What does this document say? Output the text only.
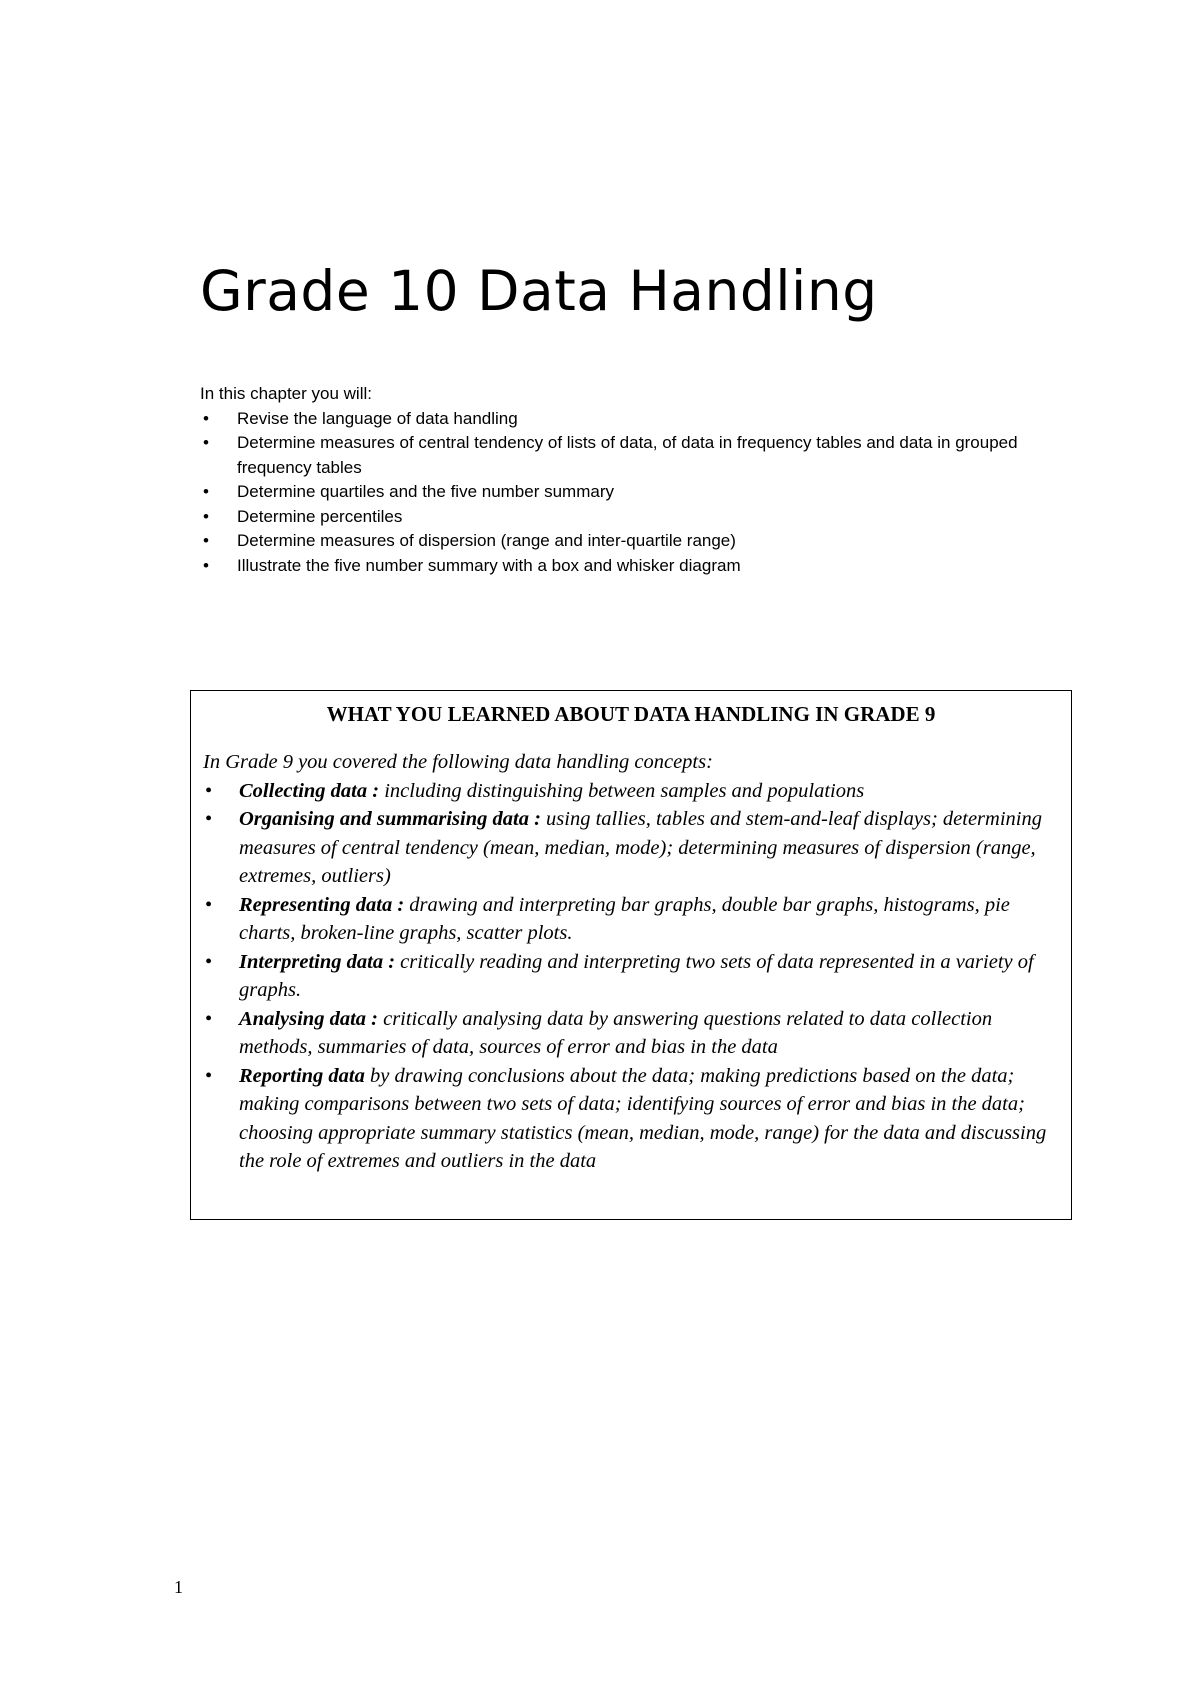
Grade 10 Data Handling

In this chapter you will:

• Revise the language of data handling
• Determine measures of central tendency of lists of data, of data in frequency tables and data in grouped frequency tables
• Determine quartiles and the five number summary
• Determine percentiles
• Determine measures of dispersion (range and inter-quartile range)
• Illustrate the five number summary with a box and whisker diagram
WHAT YOU LEARNED ABOUT DATA HANDLING IN GRADE 9

In Grade 9 you covered the following data handling concepts:

• Collecting data : including distinguishing between samples and populations
• Organising and summarising data : using tallies, tables and stem-and-leaf displays; determining measures of central tendency (mean, median, mode); determining measures of dispersion (range, extremes, outliers)
• Representing data : drawing and interpreting bar graphs, double bar graphs, histograms, pie charts, broken-line graphs, scatter plots.
• Interpreting data : critically reading and interpreting two sets of data represented in a variety of graphs.
• Analysing data : critically analysing data by answering questions related to data collection methods, summaries of data, sources of error and bias in the data
• Reporting data by drawing conclusions about the data; making predictions based on the data; making comparisons between two sets of data; identifying sources of error and bias in the data; choosing appropriate summary statistics (mean, median, mode, range) for the data and discussing the role of extremes and outliers in the data
1
